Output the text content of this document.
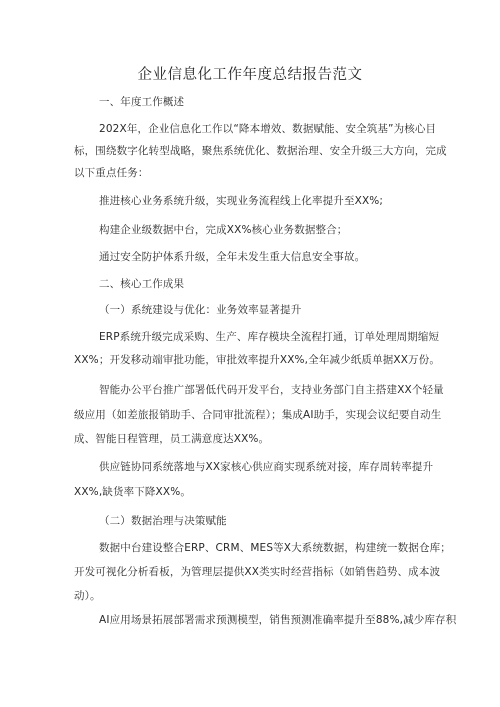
企业信息化工作年度总结报告范文
一、年度工作概述
202X年，企业信息化工作以“降本增效、数据赋能、安全筑基”为核心目
标，围绕数字化转型战略，聚焦系统优化、数据治理、安全升级三大方向，完成
以下重点任务：
推进核心业务系统升级，实现业务流程线上化率提升至XX%;
构建企业级数据中台，完成XX%核心业务数据整合；
通过安全防护体系升级，全年未发生重大信息安全事故。
二、核心工作成果
（一）系统建设与优化：业务效率显著提升
ERP系统升级完成采购、生产、库存模块全流程打通，订单处理周期缩短
XX%；开发移动端审批功能，审批效率提升XX%,全年减少纸质单据XX万份。
智能办公平台推广部署低代码开发平台，支持业务部门自主搭建XX个轻量
级应用（如差旅报销助手、合同审批流程）；集成AI助手，实现会议纪要自动生
成、智能日程管理，员工满意度达XX%。
供应链协同系统落地与XX家核心供应商实现系统对接，库存周转率提升
XX%,缺货率下降XX%。
（二）数据治理与决策赋能
数据中台建设整合ERP、CRM、MES等X大系统数据，构建统一数据仓库；
开发可视化分析看板，为管理层提供XX类实时经营指标（如销售趋势、成本波
动）。
AI应用场景拓展部署需求预测模型，销售预测准确率提升至88%,减少库存积
